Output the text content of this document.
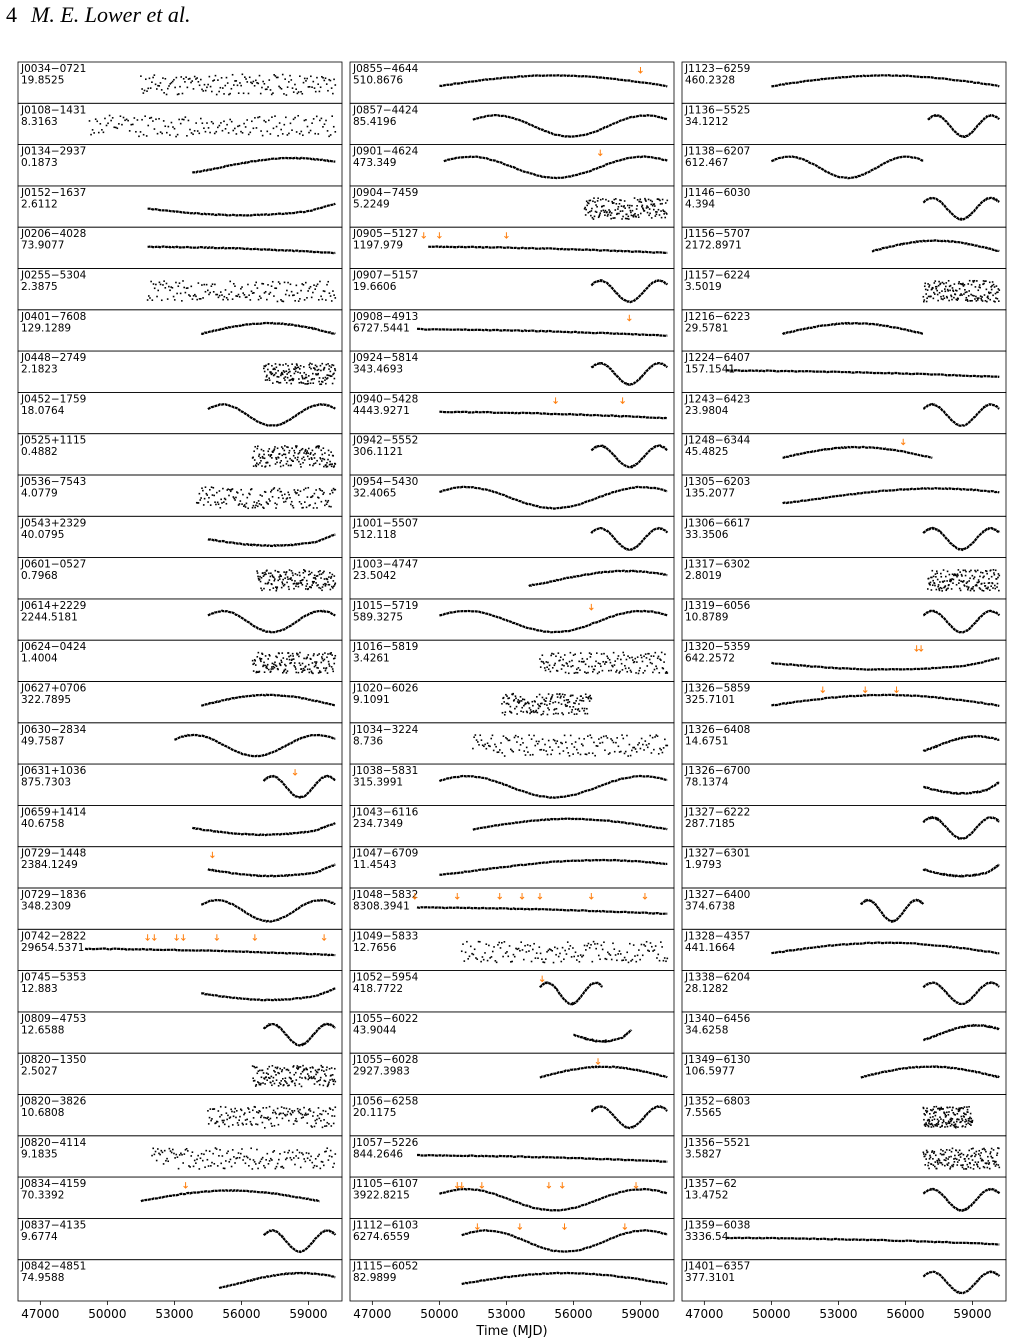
4 M. E. Lower et al.
J0034−0721
19.8525
J0108−1431
8.3163
J0134−2937
0.1873
J0152−1637
2.6112
J0206−4028
73.9077
J0255−5304
2.3875
J0401−7608
129.1289
J0448−2749
2.1823
J0452−1759
18.0764
J0525+1115
0.4882
J0536−7543
4.0779
J0543+2329
40.0795
J0601−0527
0.7968
J0614+2229
2244.5181
J0624−0424
1.4004
J0627+0706
322.7895
J0630−2834
49.7587
J0631+1036
875.7303
J0659+1414
40.6758
J0729−1448
2384.1249
J0729−1836
348.2309
J0742−2822
29654.5371
J0745−5353
12.883
J0809−4753
12.6588
J0820−1350
2.5027
J0820−3826
10.6808
J0820−4114
9.1835
J0834−4159
70.3392
J0837−4135
9.6774
J0842−4851
74.9588
47000 50000 53000 56000 59000
J0855−4644
510.8676
J0857−4424
85.4196
J0901−4624
473.349
J0904−7459
5.2249
J0905−5127
1197.979
J0907−5157
19.6606
J0908−4913
6727.5441
J0924−5814
343.4693
J0940−5428
4443.9271
J0942−5552
306.1121
J0954−5430
32.4065
J1001−5507
512.118
J1003−4747
23.5042
J1015−5719
589.3275
J1016−5819
3.4261
J1020−6026
9.1091
J1034−3224
8.736
J1038−5831
315.3991
J1043−6116
234.7349
J1047−6709
11.4543
J1048−5832
8308.3941
J1049−5833
12.7656
J1052−5954
418.7722
J1055−6022
43.9044
J1055−6028
2927.3983
J1056−6258
20.1175
J1057−5226
844.2646
J1105−6107
3922.8215
J1112−6103
6274.6559
J1115−6052
82.9899
47000 50000 53000 56000 59000
J1123−6259
460.2328
J1136−5525
34.1212
J1138−6207
612.467
J1146−6030
4.394
J1156−5707
2172.8971
J1157−6224
3.5019
J1216−6223
29.5781
J1224−6407
157.1541
J1243−6423
23.9804
J1248−6344
45.4825
J1305−6203
135.2077
J1306−6617
33.3506
J1317−6302
2.8019
J1319−6056
10.8789
J1320−5359
642.2572
J1326−5859
325.7101
J1326−6408
14.6751
J1326−6700
78.1374
J1327−6222
287.7185
J1327−6301
1.9793
J1327−6400
374.6738
J1328−4357
441.1664
J1338−6204
28.1282
J1340−6456
34.6258
J1349−6130
106.5977
J1352−6803
7.5565
J1356−5521
3.5827
J1357−62
13.4752
J1359−6038
3336.54
J1401−6357
377.3101
47000 50000 53000 56000 59000
Time (MJD)
